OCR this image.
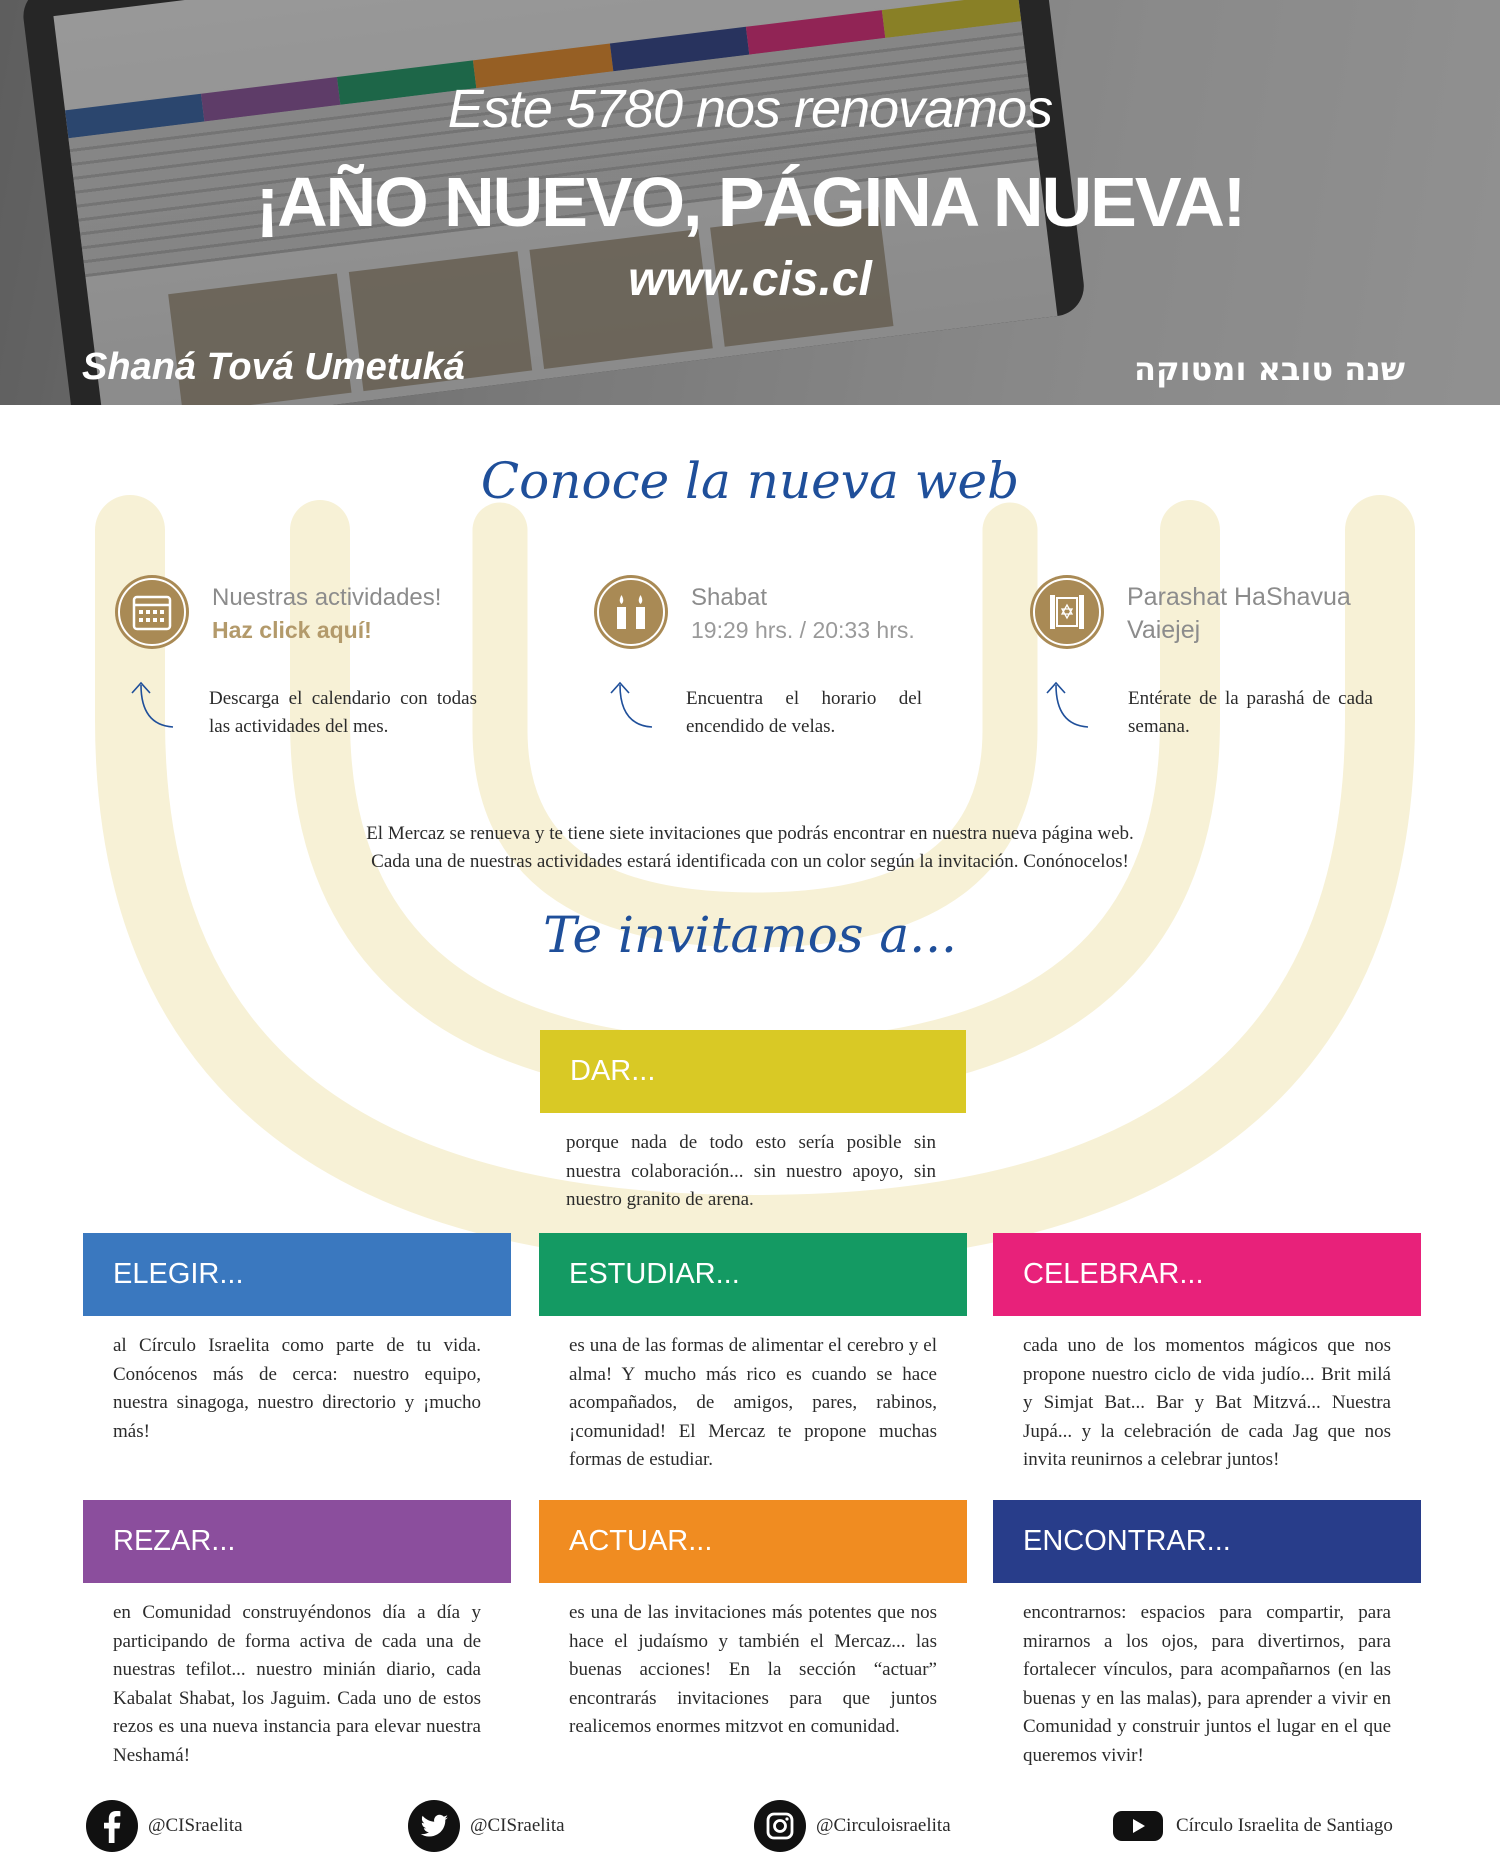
Este 5780 nos renovamos
¡AÑO NUEVO, PÁGINA NUEVA!
www.cis.cl
Shaná Tová Umetuká	שנה טובא ומטוקה
Conoce la nueva web
Nuestras actividades!
Haz click aquí!
Descarga el calendario con todas las actividades del mes.
Shabat
19:29 hrs. / 20:33 hrs.
Encuentra el horario del encendido de velas.
Parashat HaShavua
Vaiejej
Entérate de la parashá de cada semana.
El Mercaz se renueva y te tiene siete invitaciones que podrás encontrar en nuestra nueva página web.
Cada una de nuestras actividades estará identificada con un color según la invitación. Conónocelos!
Te invitamos a...
DAR...
porque nada de todo esto sería posible sin nuestra colaboración... sin nuestro apoyo, sin nuestro granito de arena.
ELEGIR...
al Círculo Israelita como parte de tu vida. Conócenos más de cerca: nuestro equipo, nuestra sinagoga, nuestro directorio y ¡mucho más!
ESTUDIAR...
es una de las formas de alimentar el cerebro y el alma! Y mucho más rico es cuando se hace acompañados, de amigos, pares, rabinos, ¡comunidad! El Mercaz te propone muchas formas de estudiar.
CELEBRAR...
cada uno de los momentos mágicos que nos propone nuestro ciclo de vida judío... Brit milá y Simjat Bat... Bar y Bat Mitzvá... Nuestra Jupá... y la celebración de cada Jag que nos invita reunirnos a celebrar juntos!
REZAR...
en Comunidad construyéndonos día a día y participando de forma activa de cada una de nuestras tefilot... nuestro minián diario, cada Kabalat Shabat, los Jaguim. Cada uno de estos rezos es una nueva instancia para elevar nuestra Neshamá!
ACTUAR...
es una de las invitaciones más potentes que nos hace el judaísmo y también el Mercaz... las buenas acciones! En la sección “actuar” encontrarás invitaciones para que juntos realicemos enormes mitzvot en comunidad.
ENCONTRAR...
encontrarnos: espacios para compartir, para mirarnos a los ojos, para divertirnos, para fortalecer vínculos, para acompañarnos (en las buenas y en las malas), para aprender a vivir en Comunidad y construir juntos el lugar en el que queremos vivir!
@CISraelita	@CISraelita	@Circuloisraelita	Círculo Israelita de Santiago
